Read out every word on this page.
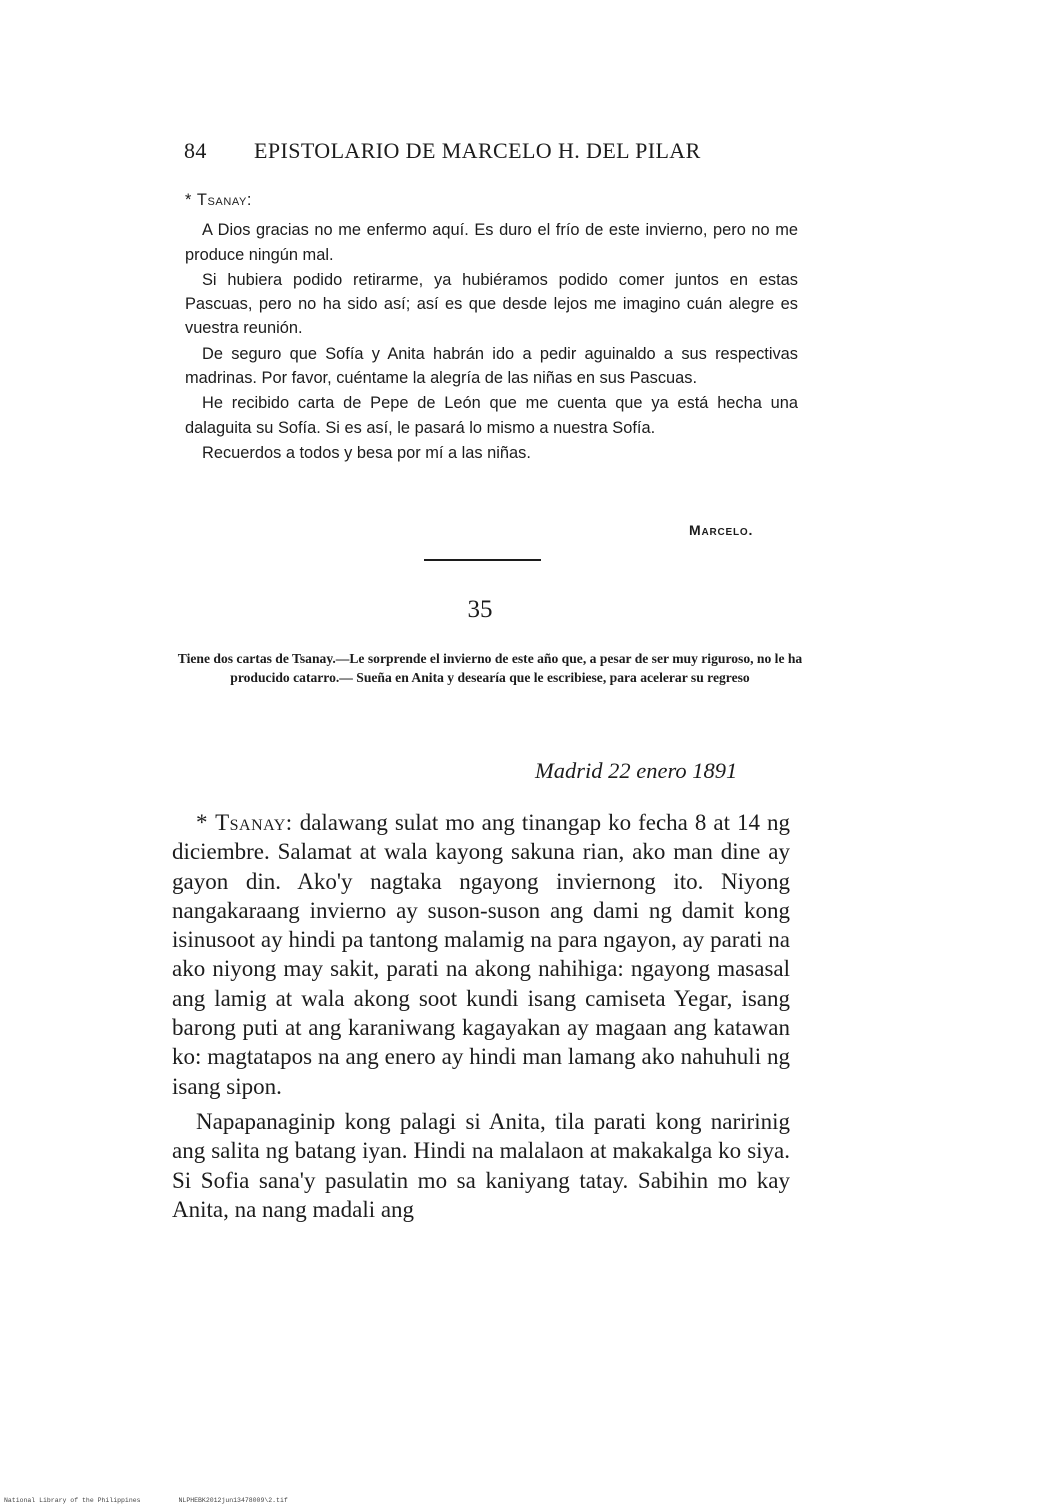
84 EPISTOLARIO DE MARCELO H. DEL PILAR
* Tsanay:

A Dios gracias no me enfermo aquí. Es duro el frío de este invierno, pero no me produce ningún mal.

Si hubiera podido retirarme, ya hubiéramos podido comer juntos en estas Pascuas, pero no ha sido así; así es que desde lejos me imagino cuán alegre es vuestra reunión.

De seguro que Sofía y Anita habrán ido a pedir aguinaldo a sus respectivas madrinas. Por favor, cuéntame la alegría de las niñas en sus Pascuas.

He recibido carta de Pepe de León que me cuenta que ya está hecha una dalaguita su Sofía. Si es así, le pasará lo mismo a nuestra Sofía.

Recuerdos a todos y besa por mí a las niñas.

Marcelo.
35
Tiene dos cartas de Tsanay.—Le sorprende el invierno de este año que, a pesar de ser muy riguroso, no le ha producido catarro.— Sueña en Anita y desearía que le escribiese, para acelerar su regreso
Madrid 22 enero 1891

* Tsanay: dalawang sulat mo ang tinangap ko fecha 8 at 14 ng diciembre. Salamat at wala kayong sakuna rian, ako man dine ay gayon din. Ako'y nagtaka ngayong inviernong ito. Niyong nangakaraang invierno ay suson-suson ang dami ng damit kong isinusoot ay hindi pa tantong malamig na para ngayon, ay parati na ako niyong may sakit, parati na akong nahihiga: ngayong masasal ang lamig at wala akong soot kundi isang camiseta Yegar, isang barong puti at ang karaniwang kagayakan ay magaan ang katawan ko: magtatapos na ang enero ay hindi man lamang ako nahuhuli ng isang sipon.

Napapanaginip kong palagi si Anita, tila parati kong naririnig ang salita ng batang iyan. Hindi na malalaon at makakalga ko siya. Si Sofia sana'y pasulatin mo sa kaniyang tatay. Sabihin mo kay Anita, na nang madali ang

National Library of the Philippines	NLPHEBK2012jun13478009\2.tif
